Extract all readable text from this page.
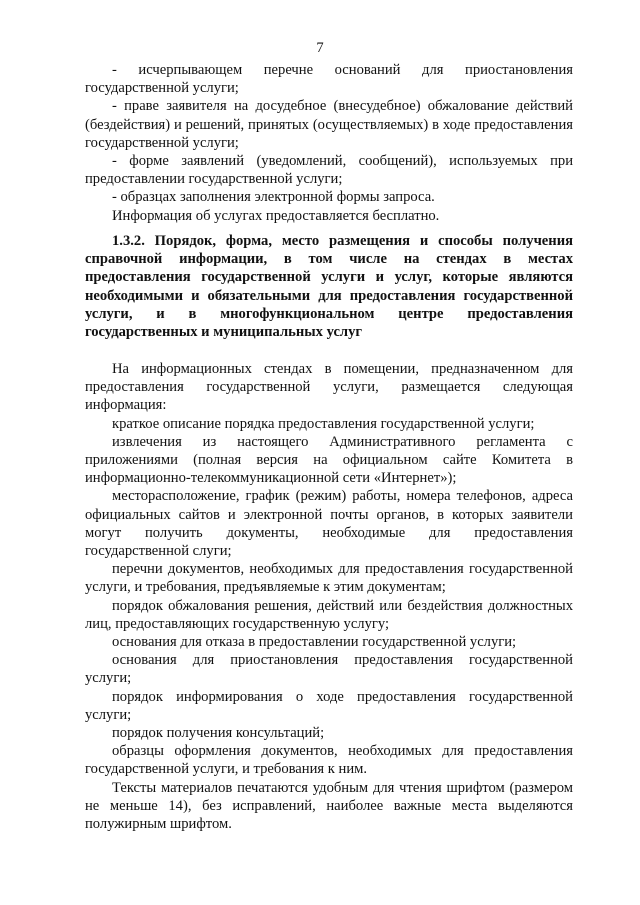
7

- исчерпывающем перечне оснований для приостановления государственной услуги;

- праве заявителя на досудебное (внесудебное) обжалование действий (бездействия) и решений, принятых (осуществляемых) в ходе предоставления государственной услуги;

- форме заявлений (уведомлений, сообщений), используемых при предоставлении государственной услуги;

- образцах заполнения электронной формы запроса.

Информация об услугах предоставляется бесплатно.

1.3.2. Порядок, форма, место размещения и способы получения справочной информации, в том числе на стендах в местах предоставления государственной услуги и услуг, которые являются необходимыми и обязательными для предоставления государственной услуги, и в многофункциональном центре предоставления государственных и муниципальных услуг

На информационных стендах в помещении, предназначенном для предоставления государственной услуги, размещается следующая информация:

краткое описание порядка предоставления государственной услуги;

извлечения из настоящего Административного регламента с приложениями (полная версия на официальном сайте Комитета в информационно-телекоммуникационной сети «Интернет»);

месторасположение, график (режим) работы, номера телефонов, адреса официальных сайтов и электронной почты органов, в которых заявители могут получить документы, необходимые для предоставления государственной слуги;

перечни документов, необходимых для предоставления государственной услуги, и требования, предъявляемые к этим документам;

порядок обжалования решения, действий или бездействия должностных лиц, предоставляющих государственную услугу;

основания для отказа в предоставлении государственной услуги;

основания для приостановления предоставления государственной услуги;

порядок информирования о ходе предоставления государственной услуги;

порядок получения консультаций;

образцы оформления документов, необходимых для предоставления государственной услуги, и требования к ним.

Тексты материалов печатаются удобным для чтения шрифтом (размером не меньше 14), без исправлений, наиболее важные места выделяются полужирным шрифтом.
